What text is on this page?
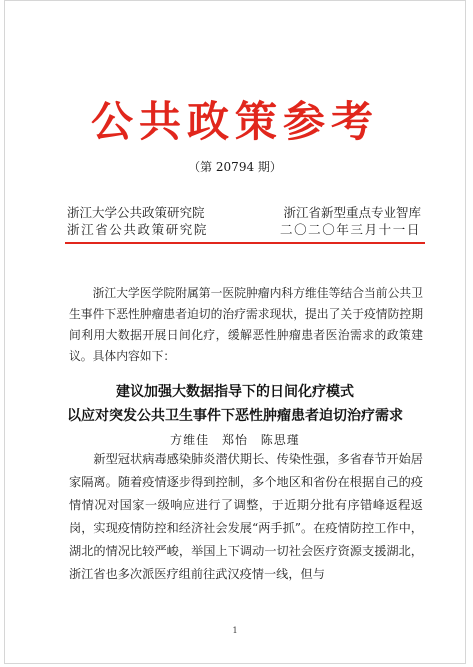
公共政策参考
（第 20794 期）
浙江大学公共政策研究院	浙江省新型重点专业智库
浙江省公共政策研究院	二〇二〇年三月十一日
浙江大学医学院附属第一医院肿瘤内科方维佳等结合当前公共卫生事件下恶性肿瘤患者迫切的治疗需求现状，提出了关于疫情防控期间利用大数据开展日间化疗，缓解恶性肿瘤患者医治需求的政策建议。具体内容如下：
建议加强大数据指导下的日间化疗模式
以应对突发公共卫生事件下恶性肿瘤患者迫切治疗需求
方维佳 郑怡 陈思瑾
新型冠状病毒感染肺炎潜伏期长、传染性强，多省春节开始居家隔离。随着疫情逐步得到控制，多个地区和省份在根据自己的疫情情况对国家一级响应进行了调整，于近期分批有序错峰返程返岗，实现疫情防控和经济社会发展“两手抓”。在疫情防控工作中，湖北的情况比较严峻，举国上下调动一切社会医疗资源支援湖北，浙江省也多次派医疗组前往武汉疫情一线，但与
1
